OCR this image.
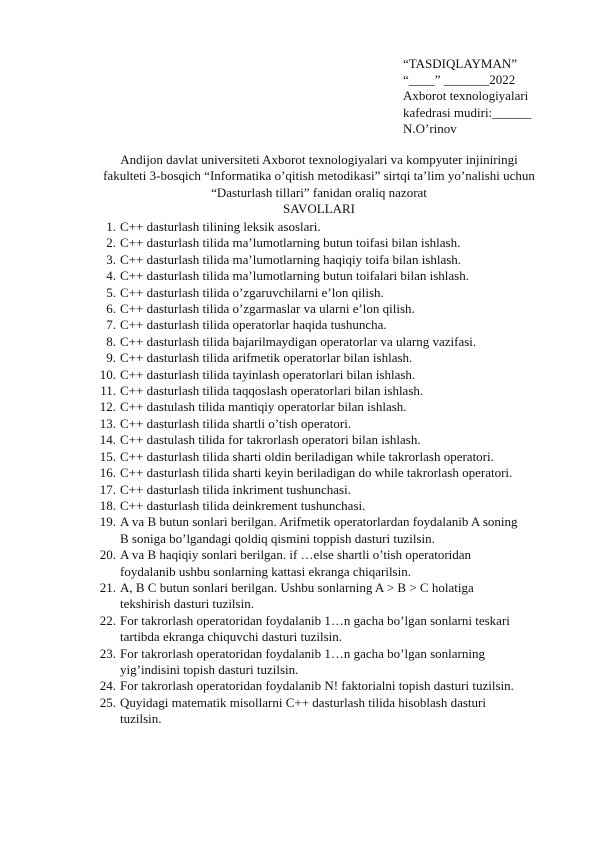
“TASDIQLAYMAN”
“____” _______2022
Axborot texnologiyalari
kafedrasi mudiri:______
N.O’rinov
Andijon davlat universiteti Axborot texnologiyalari va kompyuter injiniringi
fakulteti 3-bosqich “Informatika o’qitish metodikasi” sirtqi ta’lim yo’nalishi uchun
“Dasturlash tillari” fanidan oraliq nazorat
SAVOLLARI
1. C++ dasturlash tilining leksik asoslari.
2. C++ dasturlash tilida ma’lumotlarning butun toifasi bilan ishlash.
3. C++ dasturlash tilida ma’lumotlarning haqiqiy toifa bilan ishlash.
4. C++ dasturlash tilida ma’lumotlarning butun toifalari bilan ishlash.
5. C++ dasturlash tilida o’zgaruvchilarni e’lon qilish.
6. C++ dasturlash tilida o’zgarmaslar va ularni e’lon qilish.
7. C++ dasturlash tilida operatorlar haqida tushuncha.
8. C++ dasturlash tilida bajarilmaydigan operatorlar va ularng vazifasi.
9. C++ dasturlash tilida arifmetik operatorlar bilan ishlash.
10. C++ dasturlash tilida tayinlash operatorlari bilan ishlash.
11. C++ dasturlash tilida taqqoslash operatorlari bilan ishlash.
12. C++ dastulash tilida mantiqiy operatorlar bilan ishlash.
13. C++ dasturlash tilida shartli o’tish operatori.
14. C++ dastulash tilida for takrorlash operatori bilan ishlash.
15. C++ dasturlash tilida sharti oldin beriladigan while takrorlash operatori.
16. C++ dasturlash tilida sharti keyin beriladigan do while takrorlash operatori.
17. C++ dasturlash tilida inkriment tushunchasi.
18. C++ dasturlash tilida deinkrement tushunchasi.
19. A va B butun sonlari berilgan. Arifmetik operatorlardan foydalanib A soning
B soniga bo’lgandagi qoldiq qismini toppish dasturi tuzilsin.
20. A va B haqiqiy sonlari berilgan. if …else shartli o’tish operatoridan
foydalanib ushbu sonlarning kattasi ekranga chiqarilsin.
21. A, B C butun sonlari berilgan. Ushbu sonlarning A > B > C holatiga
tekshirish dasturi tuzilsin.
22. For takrorlash operatoridan foydalanib 1…n gacha bo’lgan sonlarni teskari
tartibda ekranga chiquvchi dasturi tuzilsin.
23. For takrorlash operatoridan foydalanib 1…n gacha bo’lgan sonlarning
yig’indisini topish dasturi tuzilsin.
24. For takrorlash operatoridan foydalanib N! faktorialni topish dasturi tuzilsin.
25. Quyidagi matematik misollarni C++ dasturlash tilida hisoblash dasturi
tuzilsin.
